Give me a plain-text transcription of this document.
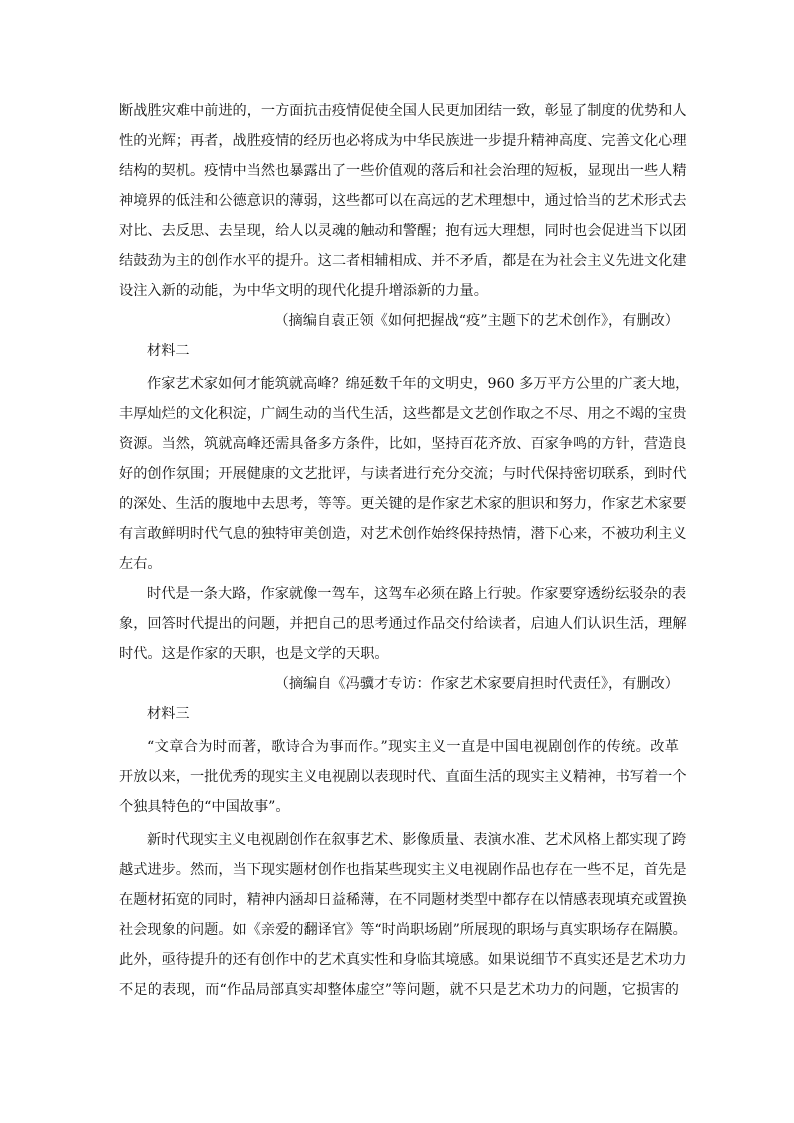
断战胜灾难中前进的，一方面抗击疫情促使全国人民更加团结一致，彰显了制度的优势和人
性的光辉；再者，战胜疫情的经历也必将成为中华民族进一步提升精神高度、完善文化心理
结构的契机。疫情中当然也暴露出了一些价值观的落后和社会治理的短板，显现出一些人精
神境界的低洼和公德意识的薄弱，这些都可以在高远的艺术理想中，通过恰当的艺术形式去
对比、去反思、去呈现，给人以灵魂的触动和警醒；抱有远大理想，同时也会促进当下以团
结鼓劲为主的创作水平的提升。这二者相辅相成、并不矛盾，都是在为社会主义先进文化建
设注入新的动能，为中华文明的现代化提升增添新的力量。
（摘编自袁正领《如何把握战“疫”主题下的艺术创作》，有删改）
材料二
作家艺术家如何才能筑就高峰？绵延数千年的文明史，960 多万平方公里的广袤大地，
丰厚灿烂的文化积淀，广阔生动的当代生活，这些都是文艺创作取之不尽、用之不竭的宝贵
资源。当然，筑就高峰还需具备多方条件，比如，坚持百花齐放、百家争鸣的方针，营造良
好的创作氛围；开展健康的文艺批评，与读者进行充分交流；与时代保持密切联系，到时代
的深处、生活的腹地中去思考，等等。更关键的是作家艺术家的胆识和努力，作家艺术家要
有言敢鲜明时代气息的独特审美创造，对艺术创作始终保持热情，潜下心来，不被功利主义
左右。
时代是一条大路，作家就像一驾车，这驾车必须在路上行驶。作家要穿透纷纭驳杂的表
象，回答时代提出的问题，并把自己的思考通过作品交付给读者，启迪人们认识生活，理解
时代。这是作家的天职，也是文学的天职。
（摘编自《冯骥才专访：作家艺术家要肩担时代责任》，有删改）
材料三
“文章合为时而著，歌诗合为事而作。”现实主义一直是中国电视剧创作的传统。改革
开放以来，一批优秀的现实主义电视剧以表现时代、直面生活的现实主义精神，书写着一个
个独具特色的“中国故事”。
新时代现实主义电视剧创作在叙事艺术、影像质量、表演水准、艺术风格上都实现了跨
越式进步。然而，当下现实题材创作也指某些现实主义电视剧作品也存在一些不足，首先是
在题材拓宽的同时，精神内涵却日益稀薄，在不同题材类型中都存在以情感表现填充或置换
社会现象的问题。如《亲爱的翻译官》等“时尚职场剧”所展现的职场与真实职场存在隔膜。
此外，亟待提升的还有创作中的艺术真实性和身临其境感。如果说细节不真实还是艺术功力
不足的表现，而“作品局部真实却整体虚空”等问题，就不只是艺术功力的问题，它损害的
